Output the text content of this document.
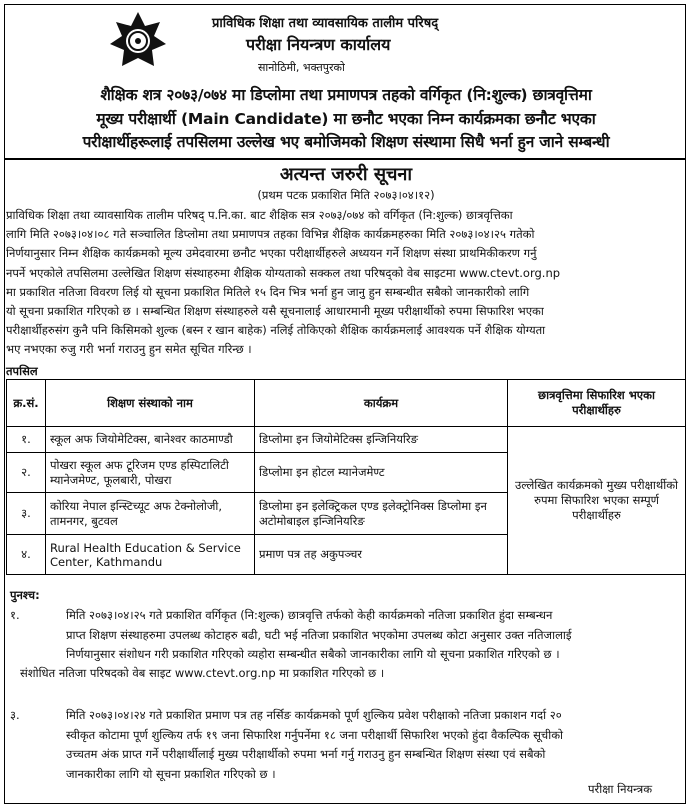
प्राविधिक शिक्षा तथा व्यावसायिक तालीम परिषद्
परीक्षा नियन्त्रण कार्यालय
सानोठिमी, भक्तपुरको
शैक्षिक शत्र २०७३/०७४ मा डिप्लोमा तथा प्रमाणपत्र तहको वर्गिकृत (नि:शुल्क) छात्रवृत्तिमा
मूख्य परीक्षार्थी (Main Candidate) मा छनौट भएका निम्न कार्यक्रमका छनौट भएका
परीक्षार्थीहरूलाई तपसिलमा उल्लेख भए बमोजिमको शिक्षण संस्थामा सिधै भर्ना हुन जाने सम्बन्धी
अत्यन्त जरुरी सूचना
(प्रथम पटक प्रकाशित मिति २०७३।०४।१२)
प्राविधिक शिक्षा तथा व्यावसायिक तालीम परिषद् प.नि.का. बाट शैक्षिक सत्र २०७३/०७४ को वर्गिकृत (नि:शुल्क) छात्रवृत्तिका
लागि मिति २०७३।०४।०८ गते सञ्चालित डिप्लोमा तथा प्रमाणपत्र तहका विभिन्न शैक्षिक कार्यक्रमहरुका मिति २०७३।०४।२५ गतेको
निर्णयानुसार निम्न शैक्षिक कार्यक्रमको मूल्य उमेदवारमा छनौट भएका परीक्षार्थीहरुले अध्ययन गर्ने शिक्षण संस्था प्राथमिकीकरण गर्नु
नपर्ने भएकोले तपसिलमा उल्लेखित शिक्षण संस्थाहरुमा शैक्षिक योग्यताको सक्कल तथा परिषद्को वेब साइटमा www.ctevt.org.np
मा प्रकाशित नतिजा विवरण लिई यो सूचना प्रकाशित मितिले १५ दिन भित्र भर्ना हुन जानु हुन सम्बन्धीत सबैको जानकारीको लागि
यो सूचना प्रकाशित गरिएको छ । सम्बन्धित शिक्षण संस्थाहरुले यसै सूचनालाई आधारमानी मूख्य परीक्षार्थीको रुपमा सिफारिश भएका
परीक्षार्थीहरुसंग कुनै पनि किसिमको शुल्क (बस्न र खान बाहेक) नलिई तोकिएको शैक्षिक कार्यक्रमलाई आवश्यक पर्ने शैक्षिक योग्यता
भए नभएका रुजु गरी भर्ना गराउनु हुन समेत सूचित गरिन्छ ।
तपसिल
क्र.सं.	शिक्षण संस्थाको नाम	कार्यक्रम	छात्रवृत्तिमा सिफारिश भएका परीक्षार्थीहरु
१.	स्कूल अफ जियोमेटिक्स, बानेश्वर काठमाण्डौ	डिप्लोमा इन जियोमेटिक्स इन्जिनियरिङ	उल्लेखित कार्यक्रमको मुख्य परीक्षार्थीको रुपमा सिफारिश भएका सम्पूर्ण परीक्षार्थीहरु
२.	पोखरा स्कूल अफ टूरिजम एण्ड हस्पिटालिटी म्यानेजमेण्ट, फूलबारी, पोखरा	डिप्लोमा इन होटल म्यानेजमेण्ट	
३.	कोरिया नेपाल इन्स्टिच्यूट अफ टेक्नोलोजी, तामनगर, बुटवल	डिप्लोमा इन इलेक्ट्रिकल एण्ड इलेक्ट्रोनिक्स डिप्लोमा इन अटोमोबाइल इन्जिनियरिङ	
४.	Rural Health Education & Service Center, Kathmandu	प्रमाण पत्र तह अकुपञ्चर	
पुनश्च:
१.	मिति २०७३।०४।२५ गते प्रकाशित वर्गिकृत (नि:शुल्क) छात्रवृत्ति तर्फको केही कार्यक्रमको नतिजा प्रकाशित हुंदा सम्बन्धन
प्राप्त शिक्षण संस्थाहरुमा उपलब्ध कोटाहरु बढी, घटी भई नतिजा प्रकाशित भएकोमा उपलब्ध कोटा अनुसार उक्त नतिजालाई
निर्णयानुसार संशोधन गरी प्रकाशित गरिएको व्यहोरा सम्बन्धीत सबैको जानकारीका लागि यो सूचना प्रकाशित गरिएको छ ।
संशोधित नतिजा परिषदको वेब साइट www.ctevt.org.np मा प्रकाशित गरिएको छ ।
३.	मिति २०७३।०४।२४ गते प्रकाशित प्रमाण पत्र तह नर्सिङ कार्यक्रमको पूर्ण शुल्किय प्रवेश परीक्षाको नतिजा प्रकाशन गर्दा २०
स्वीकृत कोटामा पूर्ण शुल्किय तर्फ १९ जना सिफारिश गर्नुपर्नेमा १८ जना परीक्षार्थी सिफारिश भएको हुंदा वैकल्पिक सूचीको
उच्चतम अंक प्राप्त गर्ने परीक्षार्थीलाई मुख्य परीक्षार्थीको रुपमा भर्ना गर्नु गराउनु हुन सम्बन्धित शिक्षण संस्था एवं सबैको
जानकारीका लागि यो सूचना प्रकाशित गरिएको छ ।
परीक्षा नियन्त्रक
